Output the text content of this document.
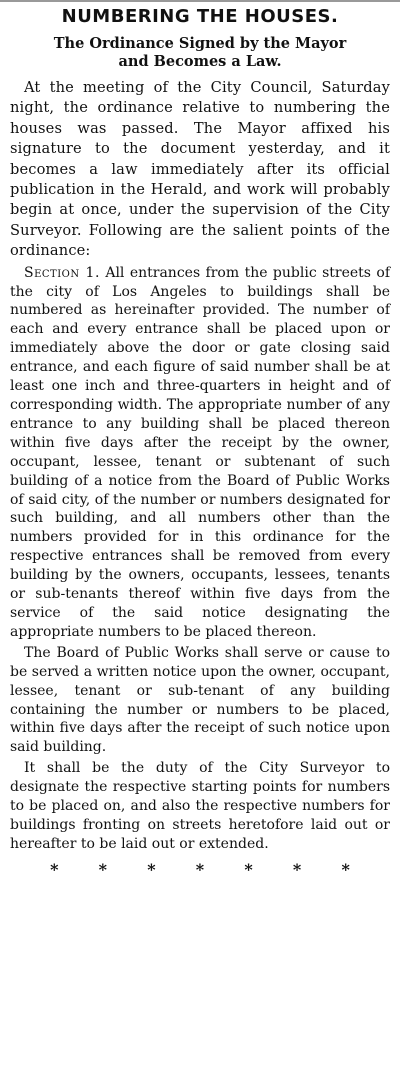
NUMBERING THE HOUSES.
The Ordinance Signed by the Mayor
and Becomes a Law.

At the meeting of the City Council, Saturday night, the ordinance relative to numbering the houses was passed. The Mayor affixed his signature to the document yesterday, and it becomes a law immediately after its official publication in the Herald, and work will probably begin at once, under the supervision of the City Surveyor. Following are the salient points of the ordinance:

Section 1. All entrances from the public streets of the city of Los Angeles to buildings shall be numbered as hereinafter provided. The number of each and every entrance shall be placed upon or immediately above the door or gate closing said entrance, and each figure of said number shall be at least one inch and three-quarters in height and of corresponding width. The appropriate number of any entrance to any building shall be placed thereon within five days after the receipt by the owner, occupant, lessee, tenant or subtenant of such building of a notice from the Board of Public Works of said city, of the number or numbers designated for such building, and all numbers other than the numbers provided for in this ordinance for the respective entrances shall be removed from every building by the owners, occupants, lessees, tenants or sub-tenants thereof within five days from the service of the said notice designating the appropriate numbers to be placed thereon.

The Board of Public Works shall serve or cause to be served a written notice upon the owner, occupant, lessee, tenant or sub-tenant of any building containing the number or numbers to be placed, within five days after the receipt of such notice upon said building.

It shall be the duty of the City Surveyor to designate the respective starting points for numbers to be placed on, and also the respective numbers for buildings fronting on streets heretofore laid out or hereafter to be laid out or extended.

*	*	*	*	*	*	*
